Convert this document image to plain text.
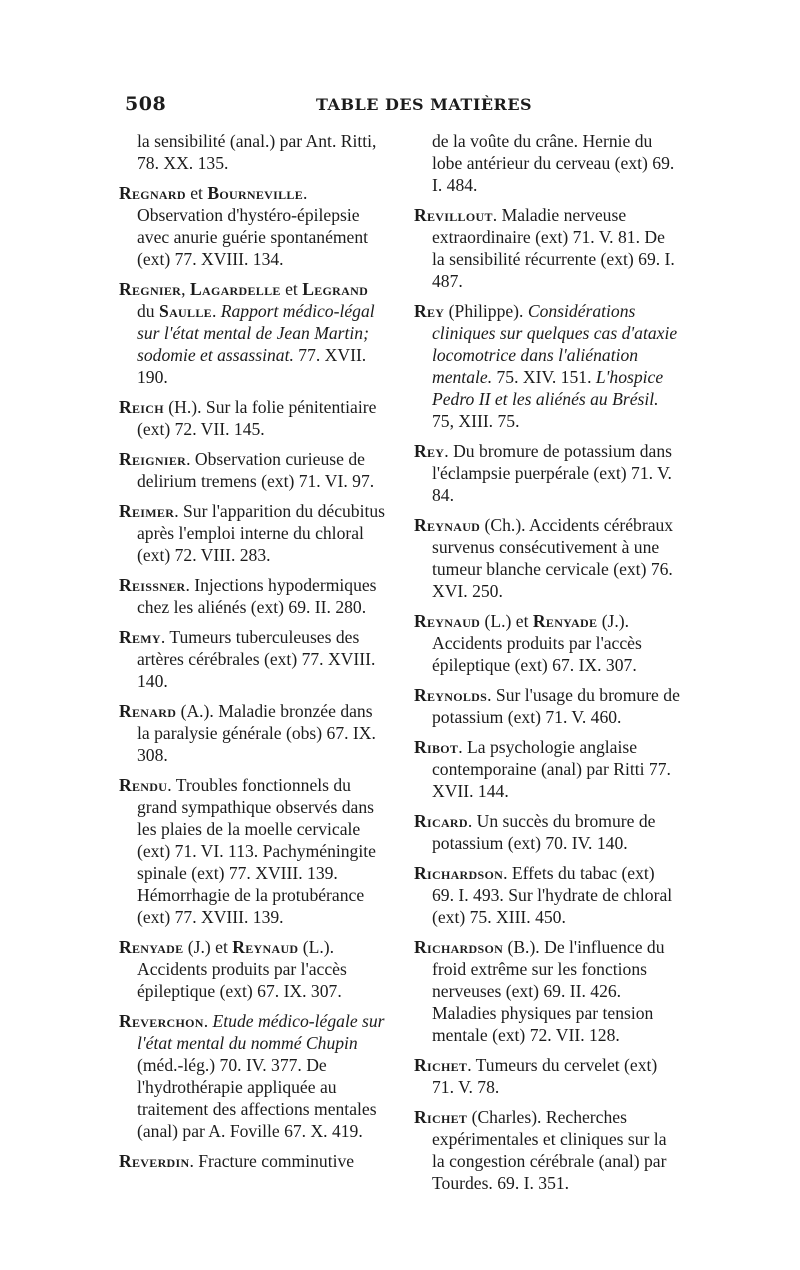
508	TABLE DES MATIÈRES

la sensibilité (anal.) par Ant. Ritti, 78. XX. 135.

Regnard et Bourneville. Observation d'hystéro-épilepsie avec anurie guérie spontanément (ext) 77. XVIII. 134.

Regnier, Lagardelle et Legrand du Saulle. Rapport médico-légal sur l'état mental de Jean Martin; sodomie et assassinat. 77. XVII. 190.

Reich (H.). Sur la folie pénitentiaire (ext) 72. VII. 145.

Reignier. Observation curieuse de delirium tremens (ext) 71. VI. 97.

Reimer. Sur l'apparition du décubitus après l'emploi interne du chloral (ext) 72. VIII. 283.

Reissner. Injections hypodermiques chez les aliénés (ext) 69. II. 280.

Remy. Tumeurs tuberculeuses des artères cérébrales (ext) 77. XVIII. 140.

Renard (A.). Maladie bronzée dans la paralysie générale (obs) 67. IX. 308.

Rendu. Troubles fonctionnels du grand sympathique observés dans les plaies de la moelle cervicale (ext) 71. VI. 113. Pachyméningite spinale (ext) 77. XVIII. 139. Hémorrhagie de la protubérance (ext) 77. XVIII. 139.

Renyade (J.) et Reynaud (L.). Accidents produits par l'accès épileptique (ext) 67. IX. 307.

Reverchon. Etude médico-légale sur l'état mental du nommé Chupin (méd.-lég.) 70. IV. 377. De l'hydrothérapie appliquée au traitement des affections mentales (anal) par A. Foville 67. X. 419.

Reverdin. Fracture comminutive

de la voûte du crâne. Hernie du lobe antérieur du cerveau (ext) 69. I. 484.

Revillout. Maladie nerveuse extraordinaire (ext) 71. V. 81. De la sensibilité récurrente (ext) 69. I. 487.

Rey (Philippe). Considérations cliniques sur quelques cas d'ataxie locomotrice dans l'aliénation mentale. 75. XIV. 151. L'hospice Pedro II et les aliénés au Brésil. 75, XIII. 75.

Rey. Du bromure de potassium dans l'éclampsie puerpérale (ext) 71. V. 84.

Reynaud (Ch.). Accidents cérébraux survenus consécutivement à une tumeur blanche cervicale (ext) 76. XVI. 250.

Reynaud (L.) et Renyade (J.). Accidents produits par l'accès épileptique (ext) 67. IX. 307.

Reynolds. Sur l'usage du bromure de potassium (ext) 71. V. 460.

Ribot. La psychologie anglaise contemporaine (anal) par Ritti 77. XVII. 144.

Ricard. Un succès du bromure de potassium (ext) 70. IV. 140.

Richardson. Effets du tabac (ext) 69. I. 493. Sur l'hydrate de chloral (ext) 75. XIII. 450.

Richardson (B.). De l'influence du froid extrême sur les fonctions nerveuses (ext) 69. II. 426. Maladies physiques par tension mentale (ext) 72. VII. 128.

Richet. Tumeurs du cervelet (ext) 71. V. 78.

Richet (Charles). Recherches expérimentales et cliniques sur la la congestion cérébrale (anal) par Tourdes. 69. I. 351.
